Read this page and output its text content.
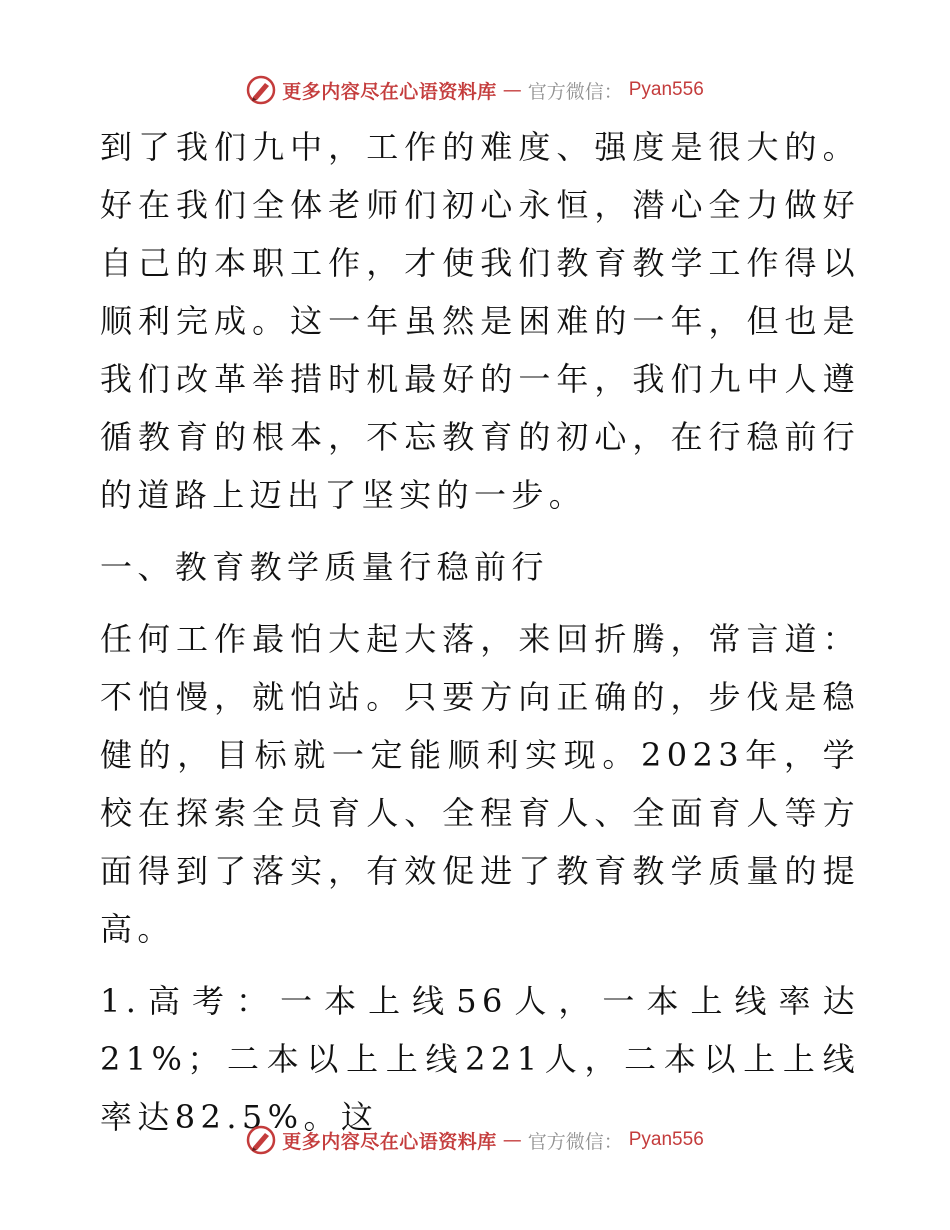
更多内容尽在心语资料库 — 官方微信： Pyan556

到了我们九中，工作的难度、强度是很大的。好在我们全体老师们初心永恒，潜心全力做好自己的本职工作，才使我们教育教学工作得以顺利完成。这一年虽然是困难的一年，但也是我们改革举措时机最好的一年，我们九中人遵循教育的根本，不忘教育的初心，在行稳前行的道路上迈出了坚实的一步。

一、教育教学质量行稳前行

任何工作最怕大起大落，来回折腾，常言道：不怕慢，就怕站。只要方向正确的，步伐是稳健的，目标就一定能顺利实现。2023年，学校在探索全员育人、全程育人、全面育人等方面得到了落实，有效促进了教育教学质量的提高。

1.高考：一本上线56人，一本上线率达21%；二本以上上线221人，二本以上上线率达82.5%。这

更多内容尽在心语资料库 — 官方微信： Pyan556
